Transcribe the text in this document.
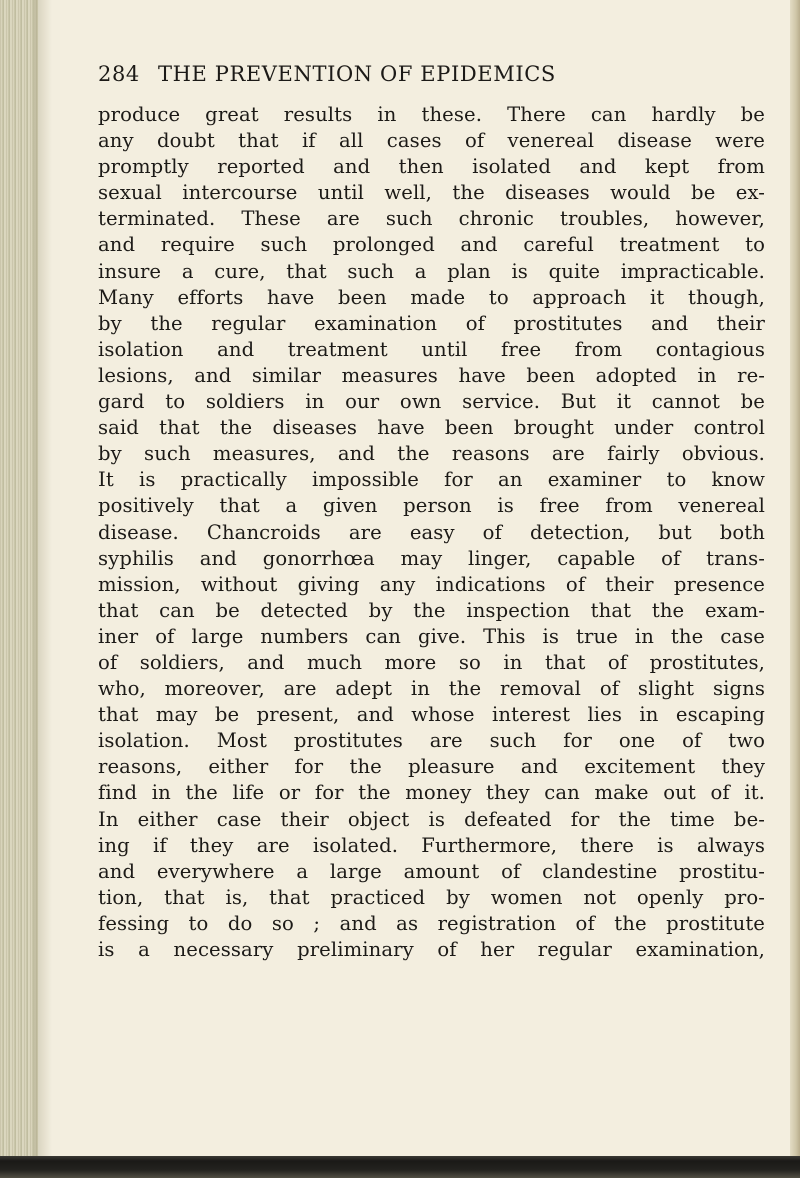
284 THE PREVENTION OF EPIDEMICS

produce great results in these. There can hardly be
any doubt that if all cases of venereal disease were
promptly reported and then isolated and kept from
sexual intercourse until well, the diseases would be ex-
terminated. These are such chronic troubles, however,
and require such prolonged and careful treatment to
insure a cure, that such a plan is quite impracticable.
Many efforts have been made to approach it though,
by the regular examination of prostitutes and their
isolation and treatment until free from contagious
lesions, and similar measures have been adopted in re-
gard to soldiers in our own service. But it cannot be
said that the diseases have been brought under control
by such measures, and the reasons are fairly obvious.
It is practically impossible for an examiner to know
positively that a given person is free from venereal
disease. Chancroids are easy of detection, but both
syphilis and gonorrhœa may linger, capable of trans-
mission, without giving any indications of their presence
that can be detected by the inspection that the exam-
iner of large numbers can give. This is true in the case
of soldiers, and much more so in that of prostitutes,
who, moreover, are adept in the removal of slight signs
that may be present, and whose interest lies in escaping
isolation. Most prostitutes are such for one of two
reasons, either for the pleasure and excitement they
find in the life or for the money they can make out of it.
In either case their object is defeated for the time be-
ing if they are isolated. Furthermore, there is always
and everywhere a large amount of clandestine prostitu-
tion, that is, that practiced by women not openly pro-
fessing to do so ; and as registration of the prostitute
is a necessary preliminary of her regular examination,
